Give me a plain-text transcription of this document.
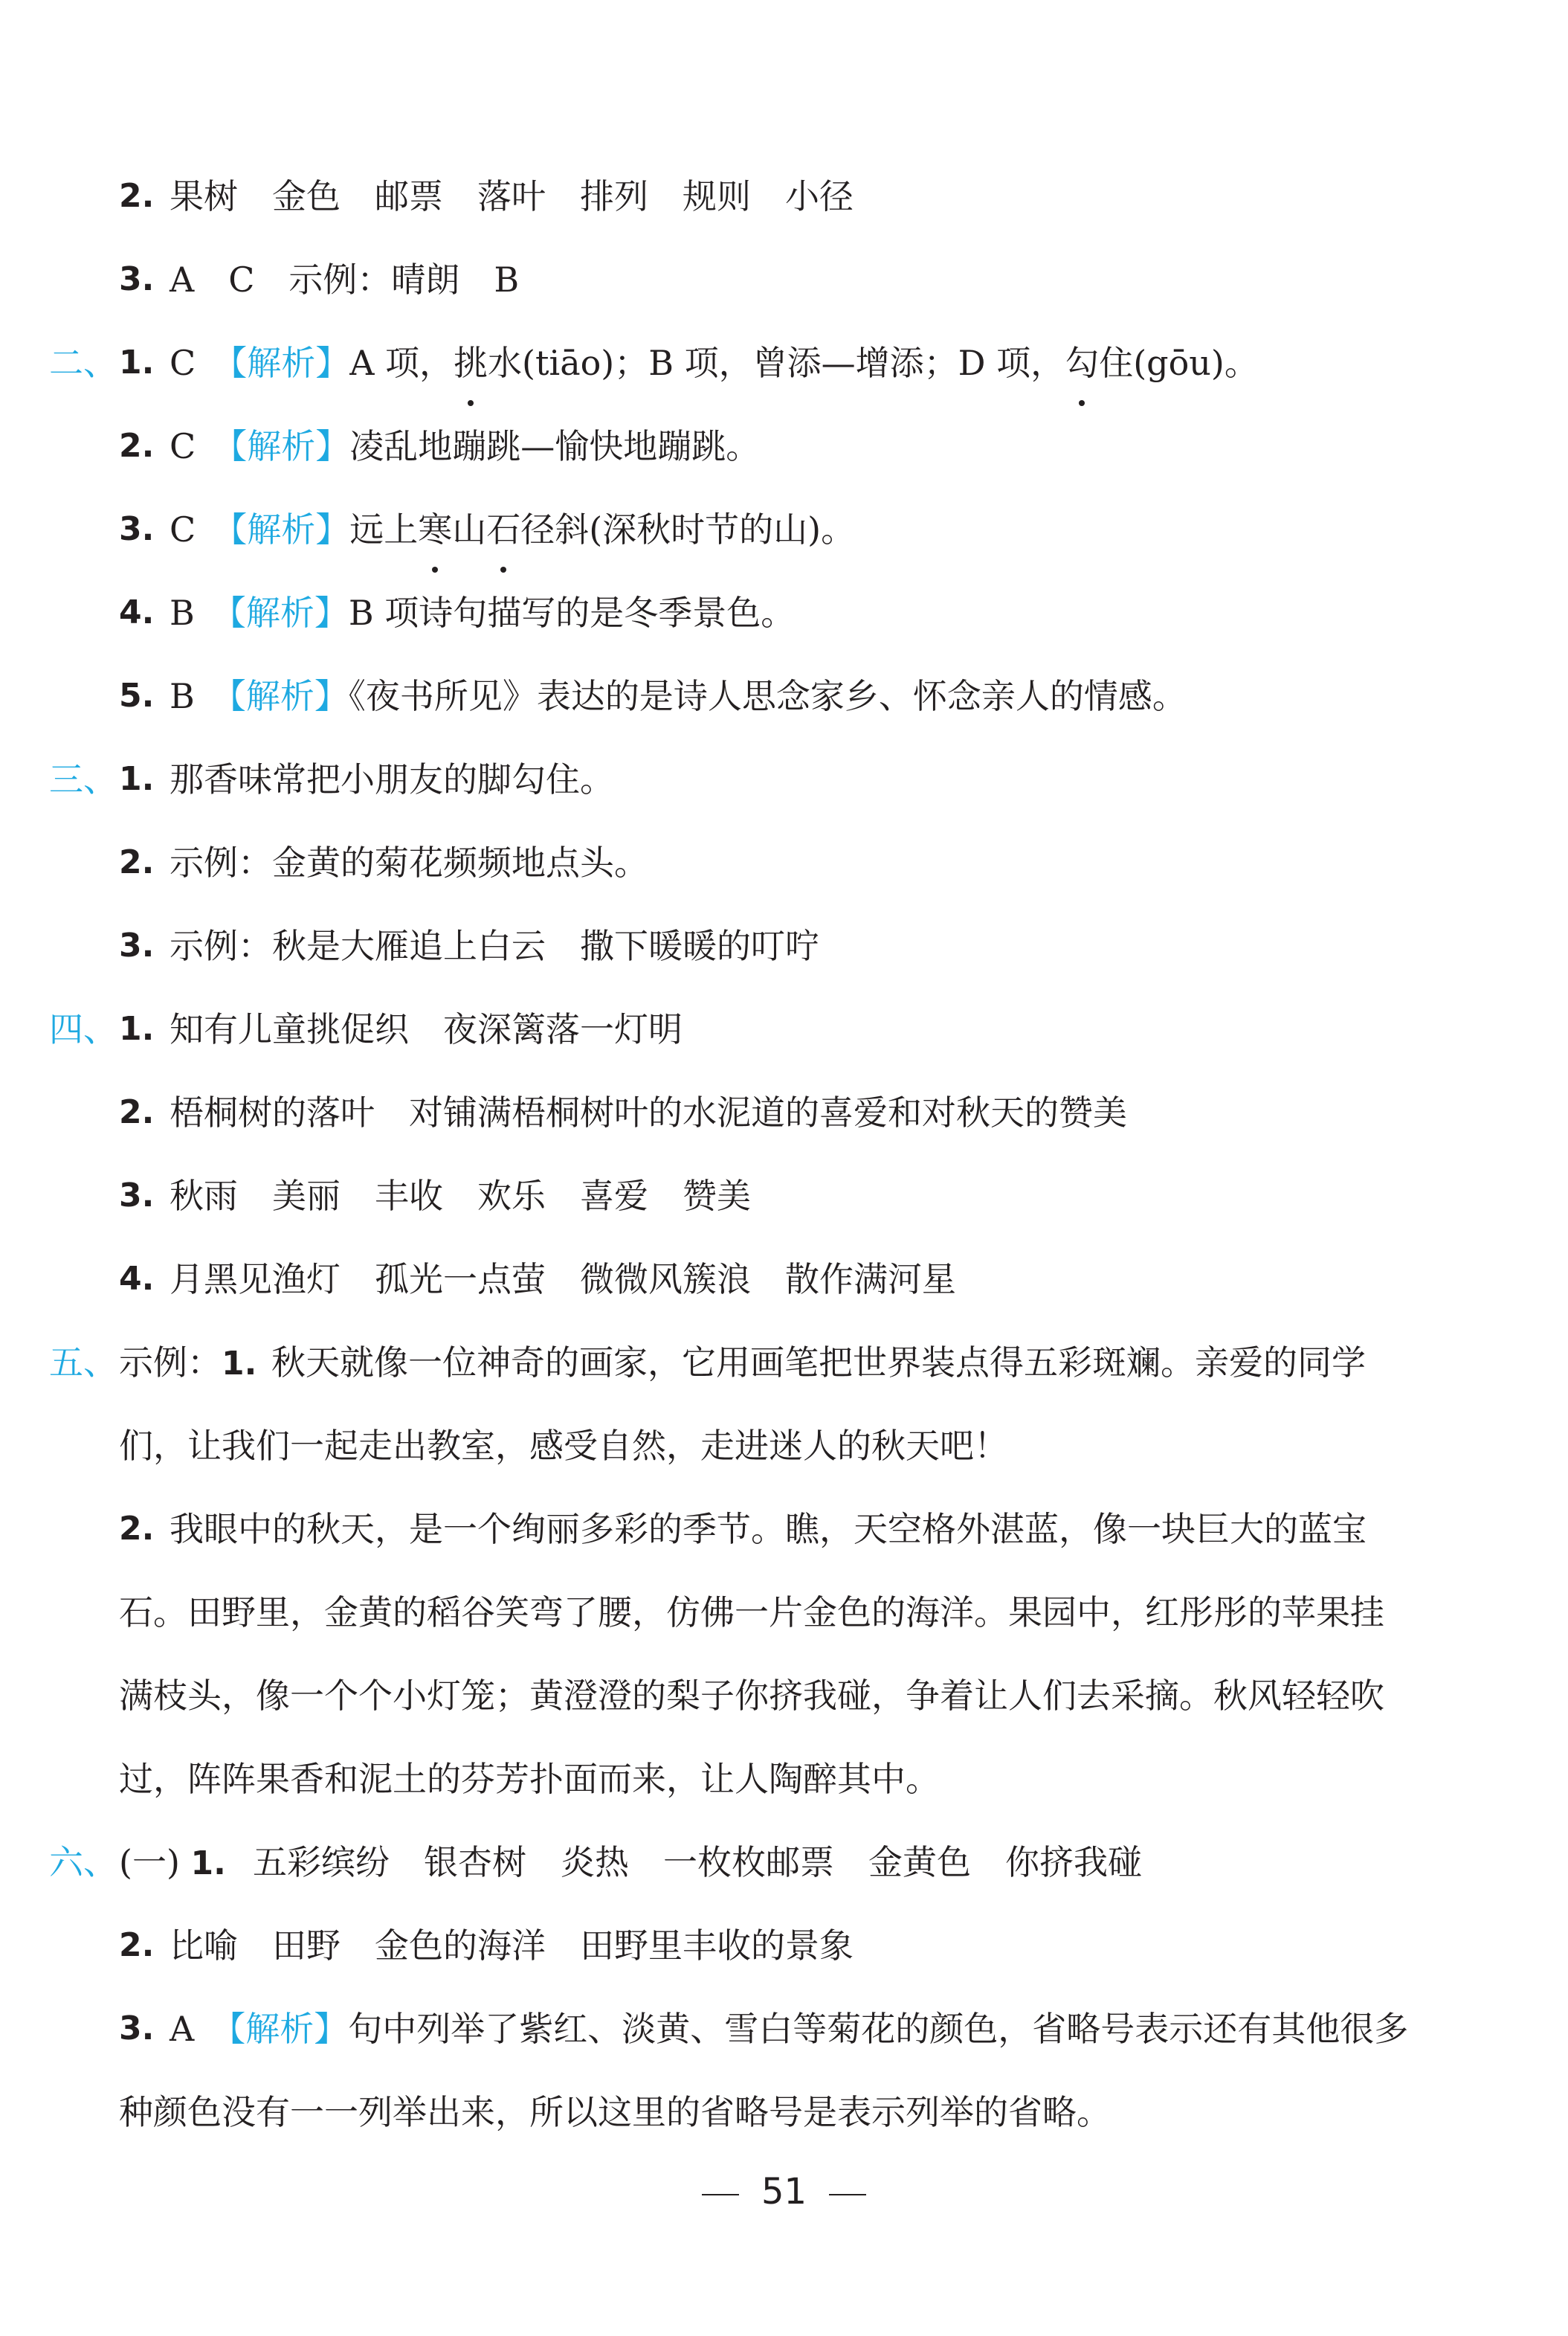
2. 果树　金色　邮票　落叶　排列　规则　小径
3. A　C　示例：晴朗　B
二、 1. C　 【解析】A 项，挑水(tiāo)；B 项，曾添—增添；D 项，勾住(gōu)。
2. C　 【解析】凌乱地蹦跳—愉快地蹦跳。
3. C　 【解析】远上寒山石径斜(深秋时节的山)。
4. B　 【解析】B 项诗句描写的是冬季景色。
5. B　 【解析】《夜书所见》表达的是诗人思念家乡、怀念亲人的情感。
三、 1. 那香味常把小朋友的脚勾住。
2. 示例：金黄的菊花频频地点头。
3. 示例：秋是大雁追上白云　撒下暖暖的叮咛
四、 1. 知有儿童挑促织　夜深篱落一灯明
2. 梧桐树的落叶　对铺满梧桐树叶的水泥道的喜爱和对秋天的赞美
3. 秋雨　美丽　丰收　欢乐　喜爱　赞美
4. 月黑见渔灯　孤光一点萤　微微风簇浪　散作满河星
五、 示例：1. 秋天就像一位神奇的画家，它用画笔把世界装点得五彩斑斓。亲爱的同学
们，让我们一起走出教室，感受自然，走进迷人的秋天吧！
2. 我眼中的秋天，是一个绚丽多彩的季节。瞧，天空格外湛蓝，像一块巨大的蓝宝
石。田野里，金黄的稻谷笑弯了腰，仿佛一片金色的海洋。果园中，红彤彤的苹果挂
满枝头，像一个个小灯笼；黄澄澄的梨子你挤我碰，争着让人们去采摘。秋风轻轻吹
过，阵阵果香和泥土的芬芳扑面而来，让人陶醉其中。
六、 (一) 1. 五彩缤纷　银杏树　炎热　一枚枚邮票　金黄色　你挤我碰
2. 比喻　田野　金色的海洋　田野里丰收的景象
3. A　 【解析】句中列举了紫红、淡黄、雪白等菊花的颜色，省略号表示还有其他很多
种颜色没有一一列举出来，所以这里的省略号是表示列举的省略。
51
